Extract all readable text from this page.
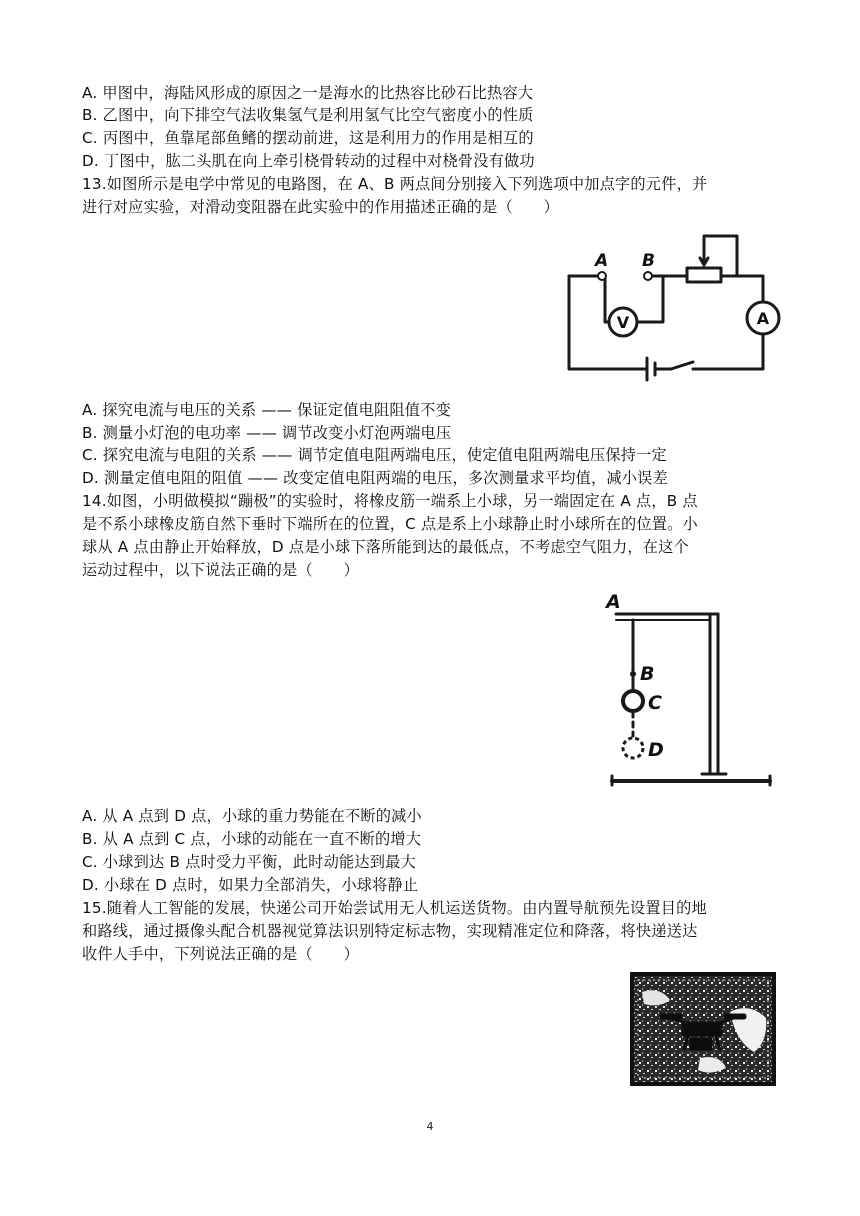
A. 甲图中，海陆风形成的原因之一是海水的比热容比砂石比热容大
B. 乙图中，向下排空气法收集氢气是利用氢气比空气密度小的性质
C. 丙图中，鱼靠尾部鱼鳍的摆动前进，这是利用力的作用是相互的
D. 丁图中，肱二头肌在向上牵引桡骨转动的过程中对桡骨没有做功
13.如图所示是电学中常见的电路图，在 A、B 两点间分别接入下列选项中加点字的元件，并
进行对应实验，对滑动变阻器在此实验中的作用描述正确的是（　　）
A B
V	A
A. 探究电流与电压的关系 —— 保证定值电阻阻值不变
B. 测量小灯泡的电功率 —— 调节改变小灯泡两端电压
C. 探究电流与电阻的关系 —— 调节定值电阻两端电压，使定值电阻两端电压保持一定
D. 测量定值电阻的阻值 —— 改变定值电阻两端的电压，多次测量求平均值，减小误差
14.如图，小明做模拟“蹦极”的实验时，将橡皮筋一端系上小球，另一端固定在 A 点，B 点
是不系小球橡皮筋自然下垂时下端所在的位置，C 点是系上小球静止时小球所在的位置。小
球从 A 点由静止开始释放，D 点是小球下落所能到达的最低点，不考虑空气阻力，在这个
运动过程中，以下说法正确的是（　　）
A
B
C
D
A. 从 A 点到 D 点，小球的重力势能在不断的减小
B. 从 A 点到 C 点，小球的动能在一直不断的增大
C. 小球到达 B 点时受力平衡，此时动能达到最大
D. 小球在 D 点时，如果力全部消失，小球将静止
15.随着人工智能的发展，快递公司开始尝试用无人机运送货物。由内置导航预先设置目的地
和路线，通过摄像头配合机器视觉算法识别特定标志物，实现精准定位和降落，将快递送达
收件人手中，下列说法正确的是（　　）
4
